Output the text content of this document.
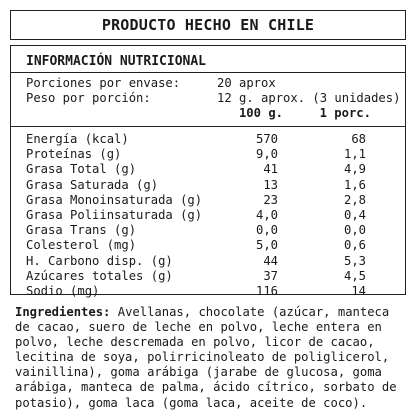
PRODUCTO HECHO EN CHILE
INFORMACIÓN NUTRICIONAL
Porciones por envase:	20 aprox
Peso por porción:	12 g. aprox. (3 unidades)
100 g.	1 porc.
Energía (kcal)	570	68
Proteínas (g)	9,0	1,1
Grasa Total (g)	41	4,9
Grasa Saturada (g)	13	1,6
Grasa Monoinsaturada (g)	23	2,8
Grasa Poliinsaturada (g)	4,0	0,4
Grasa Trans (g)	0,0	0,0
Colesterol (mg)	5,0	0,6
H. Carbono disp. (g)	44	5,3
Azúcares totales (g)	37	4,5
Sodio (mg)	116	14
Ingredientes: Avellanas, chocolate (azúcar, manteca de cacao, suero de leche en polvo, leche entera en polvo, leche descremada en polvo, licor de cacao, lecitina de soya, polirricinoleato de poliglicerol, vainillina), goma arábiga (jarabe de glucosa, goma arábiga, manteca de palma, ácido cítrico, sorbato de potasio), goma laca (goma laca, aceite de coco).
